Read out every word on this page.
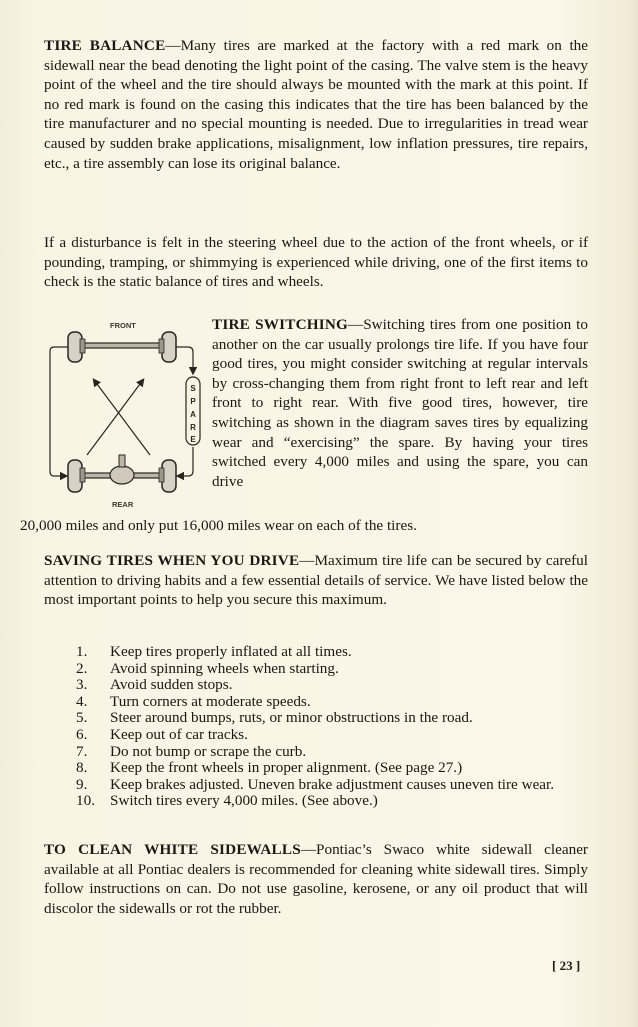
TIRE BALANCE—Many tires are marked at the factory with a red mark on the sidewall near the bead denoting the light point of the casing. The valve stem is the heavy point of the wheel and the tire should always be mounted with the mark at this point. If no red mark is found on the casing this indicates that the tire has been balanced by the tire manufacturer and no special mounting is needed. Due to irregularities in tread wear caused by sudden brake applications, misalignment, low inflation pressures, tire repairs, etc., a tire assembly can lose its original balance.

If a disturbance is felt in the steering wheel due to the action of the front wheels, or if pounding, tramping, or shimmying is experienced while driving, one of the first items to check is the static balance of tires and wheels.

FRONT
REAR
S
P
A
R
E

TIRE SWITCHING—Switching tires from one position to another on the car usually prolongs tire life. If you have four good tires, you might consider switching at regular intervals by cross-changing them from right front to left rear and left front to right rear. With five good tires, however, tire switching as shown in the diagram saves tires by equalizing wear and “exercising” the spare. By having your tires switched every 4,000 miles and using the spare, you can drive

20,000 miles and only put 16,000 miles wear on each of the tires.

SAVING TIRES WHEN YOU DRIVE—Maximum tire life can be secured by careful attention to driving habits and a few essential details of service. We have listed below the most important points to help you secure this maximum.

1.	Keep tires properly inflated at all times.
2.	Avoid spinning wheels when starting.
3.	Avoid sudden stops.
4.	Turn corners at moderate speeds.
5.	Steer around bumps, ruts, or minor obstructions in the road.
6.	Keep out of car tracks.
7.	Do not bump or scrape the curb.
8.	Keep the front wheels in proper alignment. (See page 27.)
9.	Keep brakes adjusted. Uneven brake adjustment causes uneven tire wear.
10. Switch tires every 4,000 miles. (See above.)

TO CLEAN WHITE SIDEWALLS—Pontiac’s Swaco white sidewall cleaner available at all Pontiac dealers is recommended for cleaning white sidewall tires. Simply follow instructions on can. Do not use gasoline, kerosene, or any oil product that will discolor the sidewalls or rot the rubber.

[ 23 ]
